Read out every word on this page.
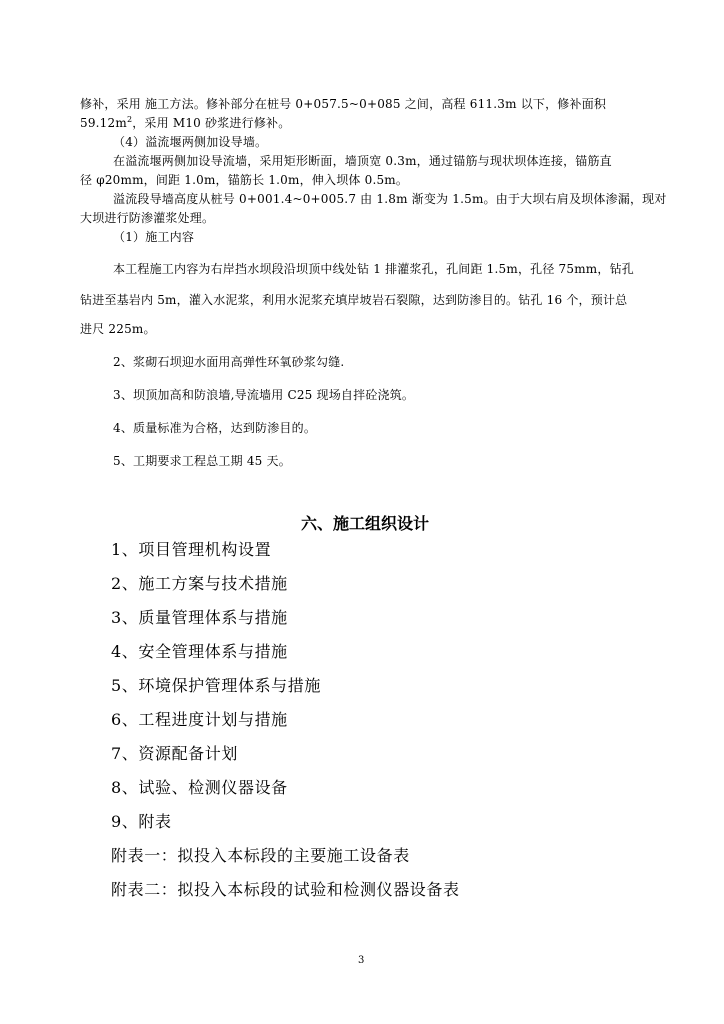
修补，采用 施工方法。修补部分在桩号 0+057.5~0+085 之间，高程 611.3m 以下，修补面积
$59.12m^2$，采用 M10 砂浆进行修补。
（4）溢流堰两侧加设导墙。
在溢流堰两侧加设导流墙，采用矩形断面，墙顶宽 0.3m，通过锚筋与现状坝体连接，锚筋直
径 φ20mm，间距 1.0m，锚筋长 1.0m，伸入坝体 0.5m。
溢流段导墙高度从桩号 0+001.4~0+005.7 由 1.8m 渐变为 1.5m。由于大坝右肩及坝体渗漏，现对
大坝进行防渗灌浆处理。
（1）施工内容
本工程施工内容为右岸挡水坝段沿坝顶中线处钻 1 排灌浆孔，孔间距 1.5m，孔径 75mm，钻孔
钻进至基岩内 5m，灌入水泥浆，利用水泥浆充填岸坡岩石裂隙，达到防渗目的。钻孔 16 个，预计总
进尺 225m。
2、浆砌石坝迎水面用高弹性环氧砂浆勾缝.
3、坝顶加高和防浪墙,导流墙用 C25 现场自拌砼浇筑。
4、质量标准为合格，达到防渗目的。
5、工期要求工程总工期 45 天。
六、施工组织设计
1、项目管理机构设置
2、施工方案与技术措施
3、质量管理体系与措施
4、安全管理体系与措施
5、环境保护管理体系与措施
6、工程进度计划与措施
7、资源配备计划
8、试验、检测仪器设备
9、附表
附表一：拟投入本标段的主要施工设备表
附表二：拟投入本标段的试验和检测仪器设备表
3
